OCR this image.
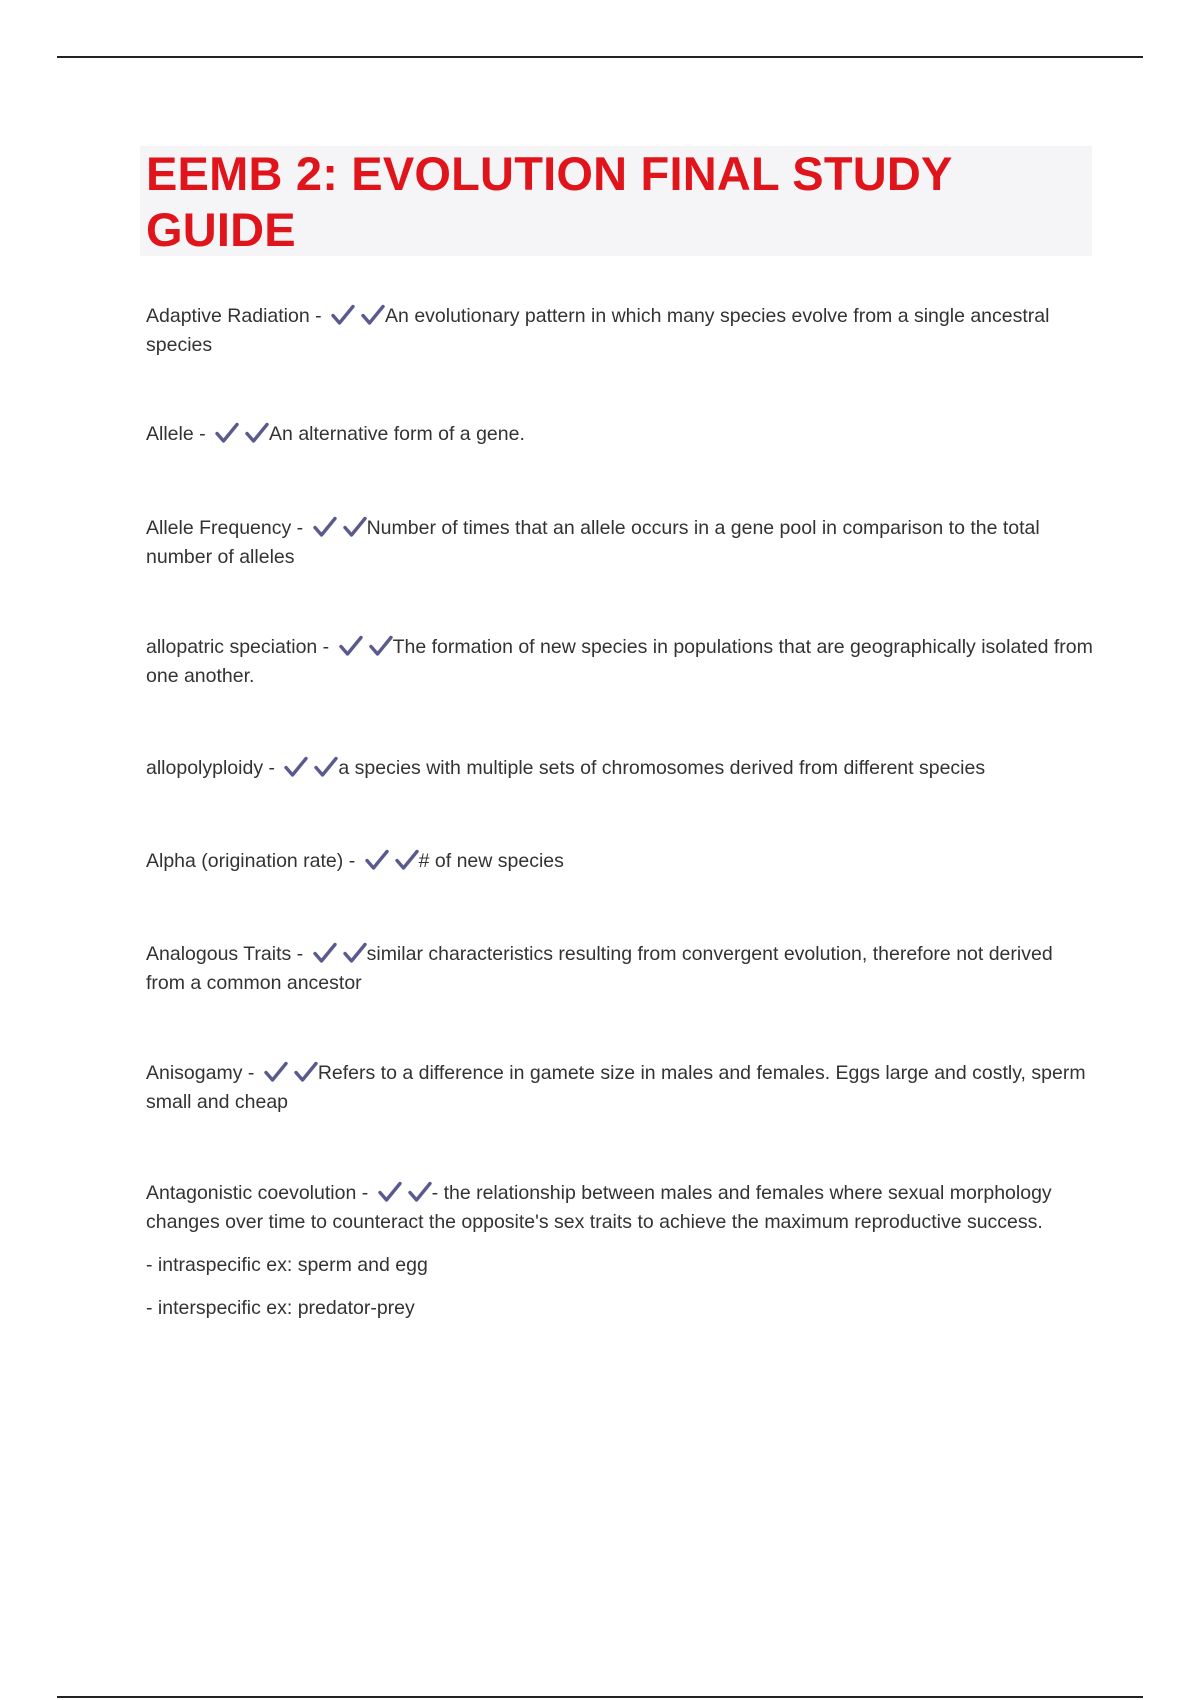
EEMB 2: EVOLUTION FINAL STUDY GUIDE

Adaptive Radiation -	An evolutionary pattern in which many species evolve from a single ancestral species

Allele -	An alternative form of a gene.

Allele Frequency -	Number of times that an allele occurs in a gene pool in comparison to the total number of alleles

allopatric speciation -	The formation of new species in populations that are geographically isolated from one another.

allopolyploidy -	a species with multiple sets of chromosomes derived from different species

Alpha (origination rate) -	# of new species

Analogous Traits -	similar characteristics resulting from convergent evolution, therefore not derived from a common ancestor

Anisogamy -	Refers to a difference in gamete size in males and females. Eggs large and costly, sperm small and cheap

Antagonistic coevolution -	- the relationship between males and females where sexual morphology changes over time to counteract the opposite's sex traits to achieve the maximum reproductive success.

- intraspecific ex: sperm and egg
- interspecific ex: predator-prey
